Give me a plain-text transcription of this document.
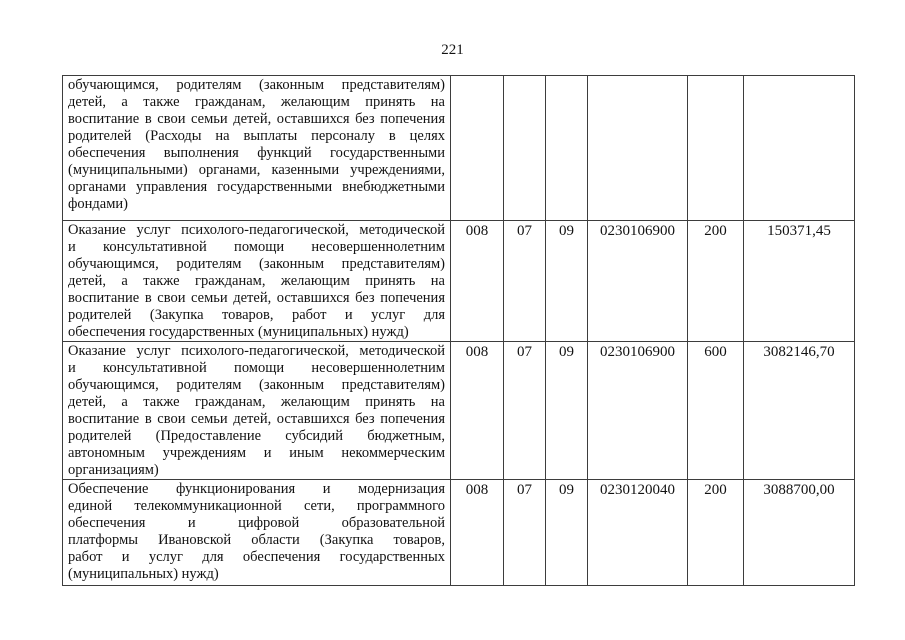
221
обучающимся, родителям (законным представителям)
детей, а также гражданам, желающим принять на
воспитание в свои семьи детей, оставшихся без попечения
родителей (Расходы на выплаты персоналу в целях
обеспечения выполнения функций государственными
(муниципальными) органами, казенными учреждениями,
органами управления государственными внебюджетными
фондами)

Оказание услуг психолого-педагогической, методической
и консультативной помощи несовершеннолетним
обучающимся, родителям (законным представителям)
детей, а также гражданам, желающим принять на
воспитание в свои семьи детей, оставшихся без попечения
родителей (Закупка товаров, работ и услуг для
обеспечения государственных (муниципальных) нужд)
	008	07	09	0230106900	200	150371,45

Оказание услуг психолого-педагогической, методической
и консультативной помощи несовершеннолетним
обучающимся, родителям (законным представителям)
детей, а также гражданам, желающим принять на
воспитание в свои семьи детей, оставшихся без попечения
родителей (Предоставление субсидий бюджетным,
автономным учреждениям и иным некоммерческим
организациям)
	008	07	09	0230106900	600	3082146,70

Обеспечение функционирования и модернизация
единой телекоммуникационной сети, программного
обеспечения и цифровой образовательной
платформы Ивановской области (Закупка товаров,
работ и услуг для обеспечения государственных
(муниципальных) нужд)
	008	07	09	0230120040	200	3088700,00
